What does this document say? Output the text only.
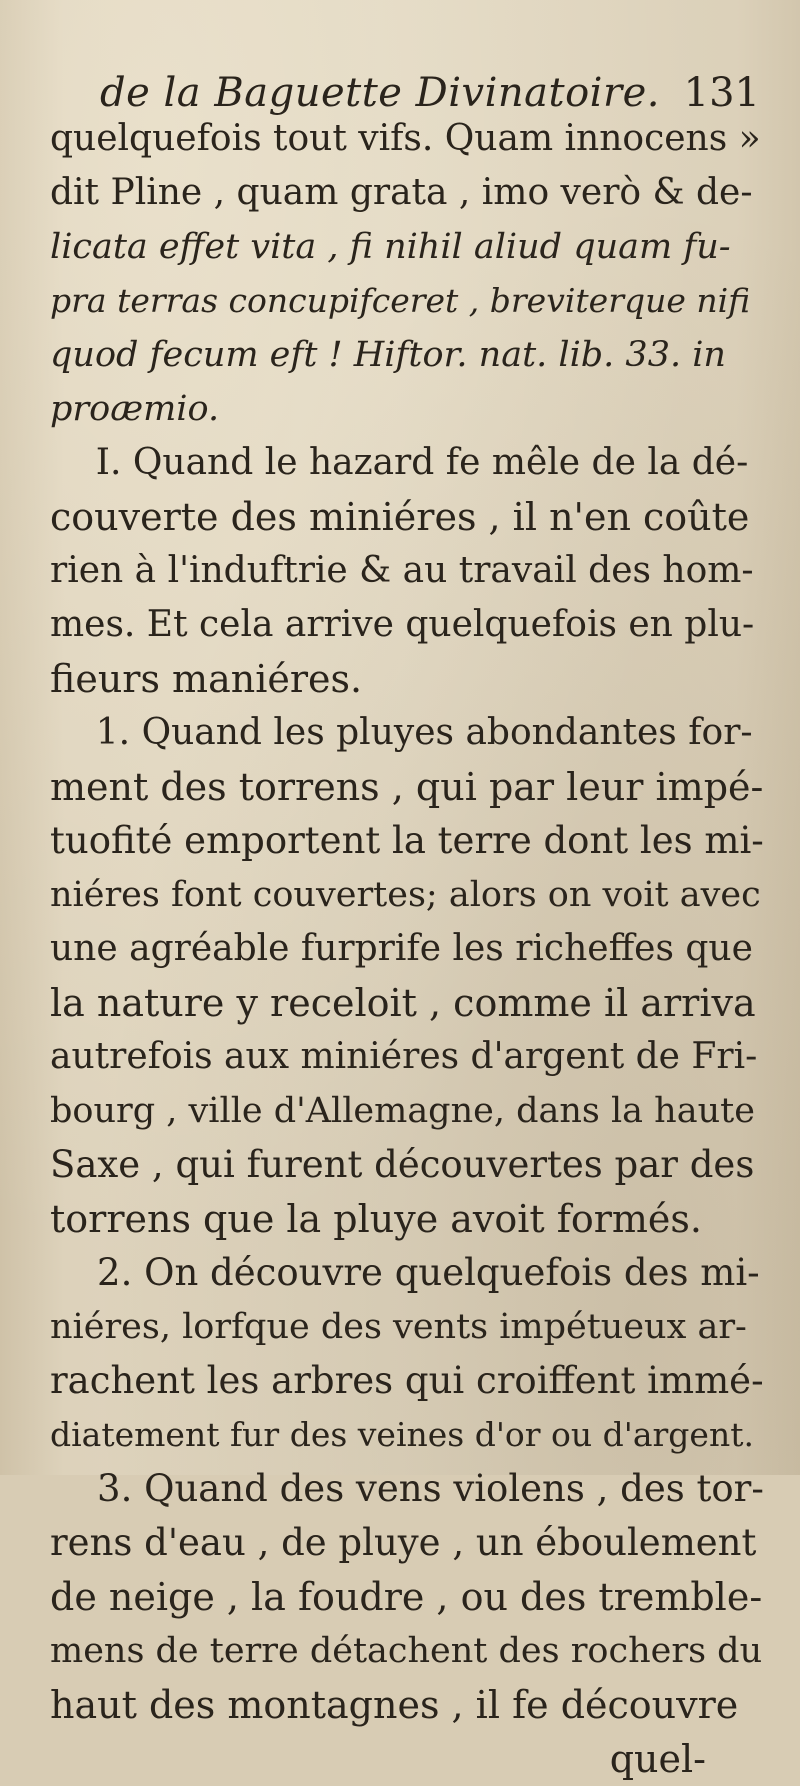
de la Baguette Divinatoire. 131
quelquefois tout vifs. Quam innocens »
dit Pline , quam grata , imo verò & de-
licata effet vita , fi nihil aliud quam fu-
pra terras concupifceret , breviterque nifi
quod fecum eft ! Hiftor. nat. lib. 33. in
proæmio.
I. Quand le hazard fe mêle de la dé-
couverte des miniéres , il n'en coûte
rien à l'induftrie & au travail des hom-
mes. Et cela arrive quelquefois en plu-
fieurs maniéres.
1. Quand les pluyes abondantes for-
ment des torrens , qui par leur impé-
tuofité emportent la terre dont les mi-
niéres font couvertes; alors on voit avec
une agréable furprife les richeffes que
la nature y receloit , comme il arriva
autrefois aux miniéres d'argent de Fri-
bourg , ville d'Allemagne, dans la haute
Saxe , qui furent découvertes par des
torrens que la pluye avoit formés.
2. On découvre quelquefois des mi-
niéres, lorfque des vents impétueux ar-
rachent les arbres qui croiffent immé-
diatement fur des veines d'or ou d'argent.
3. Quand des vens violens , des tor-
rens d'eau , de pluye , un éboulement
de neige , la foudre , ou des tremble-
mens de terre détachent des rochers du
haut des montagnes , il fe découvre
quel-
